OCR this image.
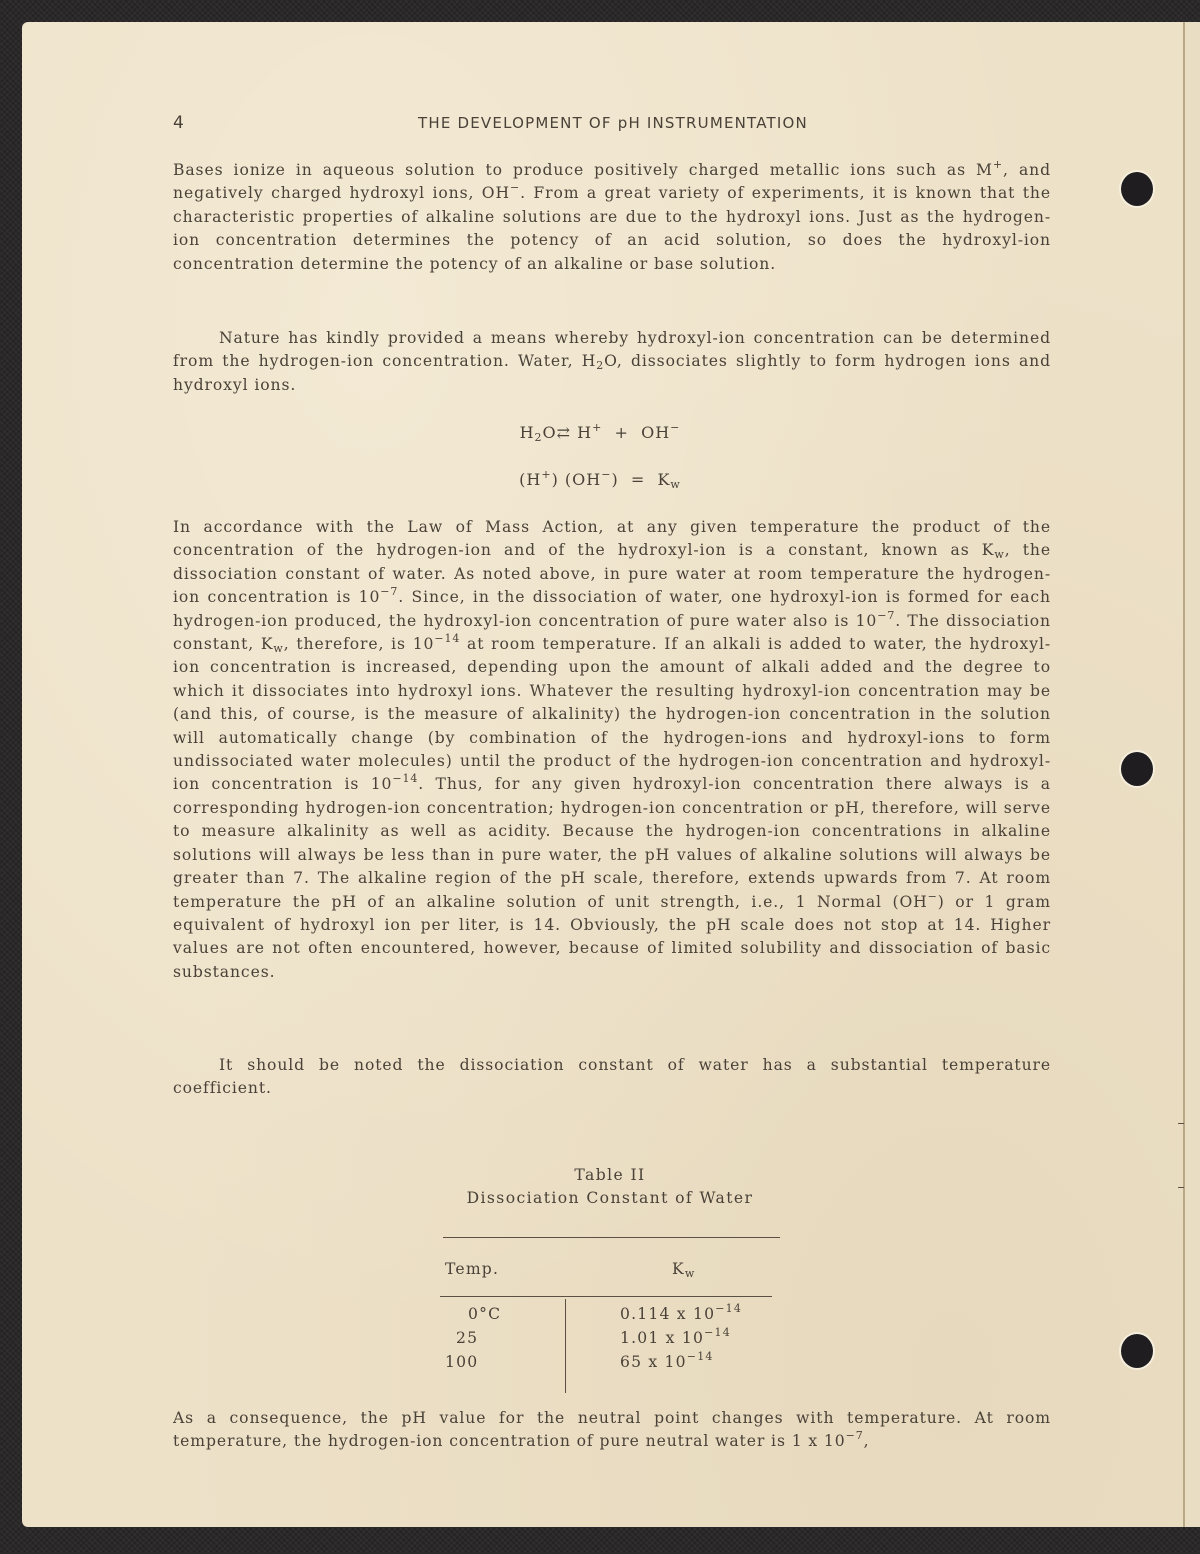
4	THE DEVELOPMENT OF pH INSTRUMENTATION

Bases ionize in aqueous solution to produce positively charged metallic ions such as M+, and negatively charged hydroxyl ions, OH−. From a great variety of experiments, it is known that the characteristic properties of alkaline solutions are due to the hydroxyl ions. Just as the hydrogen-ion concentration determines the potency of an acid solution, so does the hydroxyl-ion concentration determine the potency of an alkaline or base solution.

Nature has kindly provided a means whereby hydroxyl-ion concentration can be determined from the hydrogen-ion concentration. Water, $H_2O$, dissociates slightly to form hydrogen ions and hydroxyl ions.

$H_2O⇄$ H+ + OH−
(H+) $(OH^-) = K_w$

In accordance with the Law of Mass Action, at any given temperature the product of the concentration of the hydrogen-ion and of the hydroxyl-ion is a constant, known as $K_w$, the dissociation constant of water. As noted above, in pure water at room temperature the hydrogen-ion concentration is $10^{-7}$. Since, in the dissociation of water, one hydroxyl-ion is formed for each hydrogen-ion produced, the hydroxyl-ion concentration of pure water also is $10^{-7}$. The dissociation constant, $K_w$, therefore, is $10^{-14}$ at room temperature. If an alkali is added to water, the hydroxyl-ion concentration is increased, depending upon the amount of alkali added and the degree to which it dissociates into hydroxyl ions. Whatever the resulting hydroxyl-ion concentration may be (and this, of course, is the measure of alkalinity) the hydrogen-ion concentration in the solution will automatically change (by combination of the hydrogen-ions and hydroxyl-ions to form undissociated water molecules) until the product of the hydrogen-ion concentration and hydroxyl-ion concentration is $10^{-14}$. Thus, for any given hydroxyl-ion concentration there always is a corresponding hydrogen-ion concentration; hydrogen-ion concentration or pH, therefore, will serve to measure alkalinity as well as acidity. Because the hydrogen-ion concentrations in alkaline solutions will always be less than in pure water, the pH values of alkaline solutions will always be greater than 7. The alkaline region of the pH scale, therefore, extends upwards from 7. At room temperature the pH of an alkaline solution of unit strength, i.e., 1 Normal (OH−) or 1 gram equivalent of hydroxyl ion per liter, is 14. Obviously, the pH scale does not stop at 14. Higher values are not often encountered, however, because of limited solubility and dissociation of basic substances.

It should be noted the dissociation constant of water has a substantial temperature coefficient.

Table II
Dissociation Constant of Water
Temp.	$K_w$
0°C	0.114 x $10^{-14}$
25	1.01 x $10^{-14}$
100	65 x $10^{-14}$

As a consequence, the pH value for the neutral point changes with temperature. At room temperature, the hydrogen-ion concentration of pure neutral water is 1 x $10^{-7}$,
